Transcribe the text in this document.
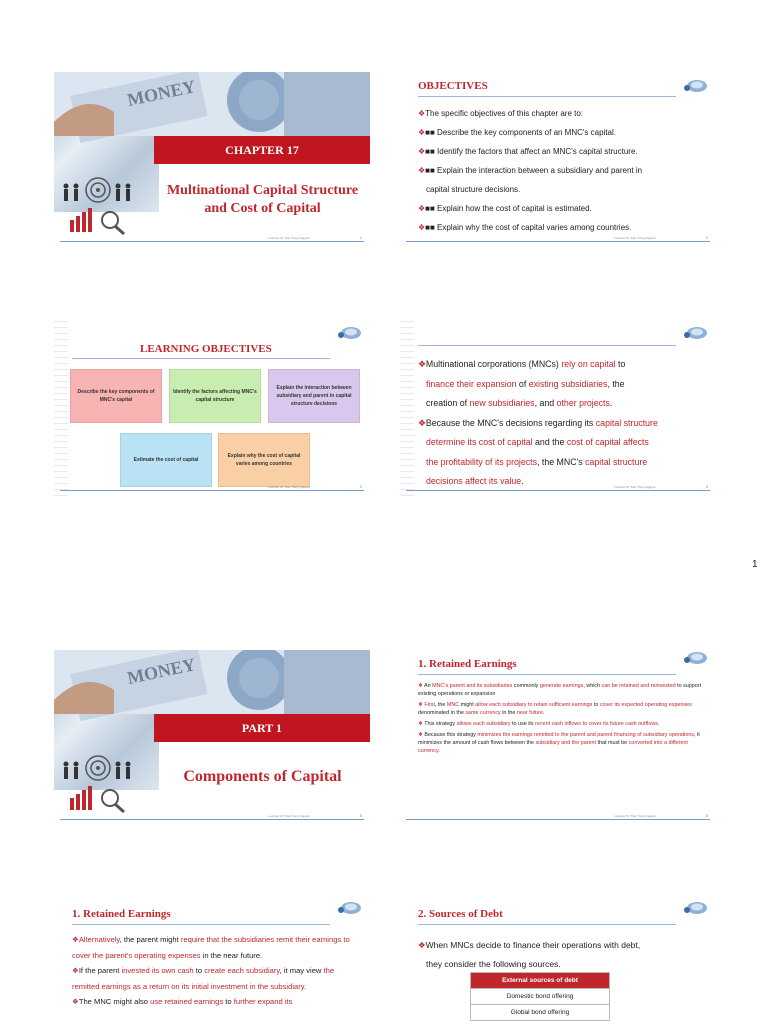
MONEY
CHAPTER 17
Multinational Capital Structure
and Cost of Capital
Lecturer Dr Tran Trung Nguyen	1
OBJECTIVES
❖The specific objectives of this chapter are to:
❖■■ Describe the key components of an MNC's capital.
❖■■ Identify the factors that affect an MNC's capital structure.
❖■■ Explain the interaction between a subsidiary and parent in
capital structure decisions.
❖■■ Explain how the cost of capital is estimated.
❖■■ Explain why the cost of capital varies among countries.
Lecturer Dr Tran Trung Nguyen	2
LEARNING OBJECTIVES
Describe the key components of MNC's capital
Identify the factors affecting MNC's capital structure
Explain the interaction between subsidiary and parent in capital structure decisions
Estimate the cost of capital
Explain why the cost of capital varies among countries
Lecturer Dr Tran Trung Nguyen	3
❖Multinational corporations (MNCs) rely on capital to
finance their expansion of existing subsidiaries, the
creation of new subsidiaries, and other projects.
❖Because the MNC's decisions regarding its capital structure
determine its cost of capital and the cost of capital affects
the profitability of its projects, the MNC's capital structure
decisions affect its value.
Lecturer Dr Tran Trung Nguyen	4
1
MONEY
PART 1
Components of Capital
Lecturer Dr Tran Trung Nguyen	5
1. Retained Earnings
❖ An MNC's parent and its subsidiaries commonly generate earnings, which can be retained and reinvested to support existing operations or expansion
❖ First, the MNC might allow each subsidiary to retain sufficient earnings to cover its expected operating expenses denominated in the same currency in the near future.
❖ This strategy allows each subsidiary to use its recent cash inflows to cover its future cash outflows.
❖ Because this strategy minimizes the earnings remitted to the parent and parent financing of subsidiary operations, it minimizes the amount of cash flows between the subsidiary and the parent that must be converted into a different currency.
Lecturer Dr Tran Trung Nguyen	6
1. Retained Earnings
❖Alternatively, the parent might require that the subsidiaries remit their earnings to cover the parent's operating expenses in the near future.
❖If the parent invested its own cash to create each subsidiary, it may view the remitted earnings as a return on its initial investment in the subsidiary.
❖The MNC might also use retained earnings to further expand its
2. Sources of Debt
❖When MNCs decide to finance their operations with debt,
they consider the following sources.
External sources of debt
Domestic bond offering
Global bond offering
